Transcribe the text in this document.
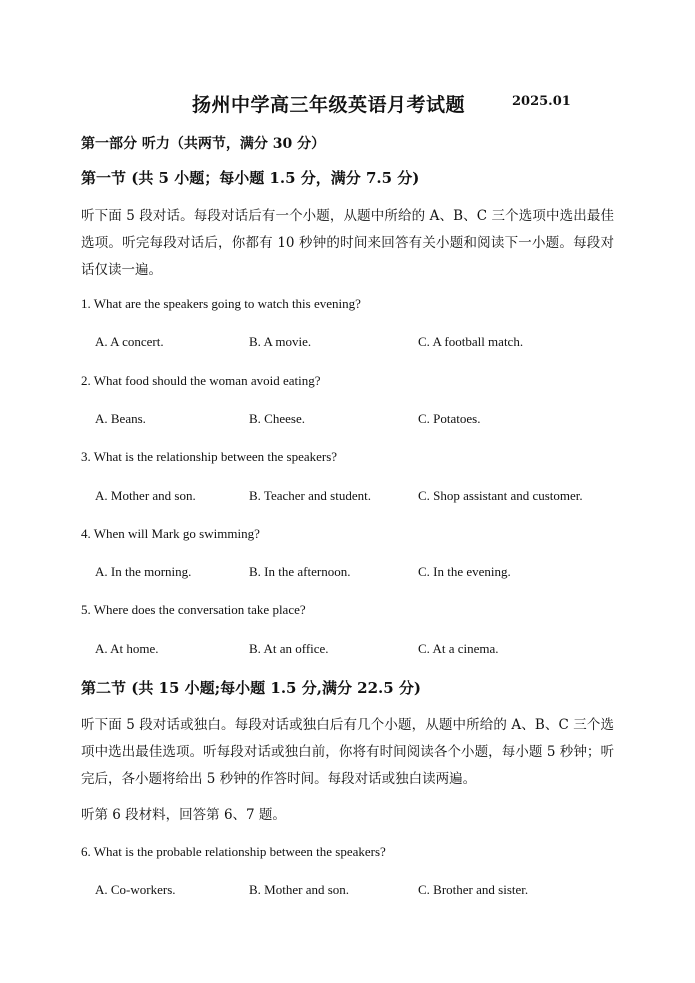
扬州中学高三年级英语月考试题	2025.01
第一部分 听力（共两节，满分 30 分）
第一节 (共 5 小题；每小题 1.5 分，满分 7.5 分)
听下面 5 段对话。每段对话后有一个小题，从题中所给的 A、B、C 三个选项中选出最佳选项。听完每段对话后，你都有 10 秒钟的时间来回答有关小题和阅读下一小题。每段对话仅读一遍。
1. What are the speakers going to watch this evening?
A. A concert.	B. A movie.	C. A football match.
2. What food should the woman avoid eating?
A. Beans.	B. Cheese.	C. Potatoes.
3. What is the relationship between the speakers?
A. Mother and son.	B. Teacher and student.	C. Shop assistant and customer.
4. When will Mark go swimming?
A. In the morning.	B. In the afternoon.	C. In the evening.
5. Where does the conversation take place?
A. At home.	B. At an office.	C. At a cinema.
第二节 (共 15 小题;每小题 1.5 分,满分 22.5 分)
听下面 5 段对话或独白。每段对话或独白后有几个小题，从题中所给的 A、B、C 三个选项中选出最佳选项。听每段对话或独白前，你将有时间阅读各个小题，每小题 5 秒钟；听完后，各小题将给出 5 秒钟的作答时间。每段对话或独白读两遍。
听第 6 段材料，回答第 6、7 题。
6. What is the probable relationship between the speakers?
A. Co-workers.	B. Mother and son.	C. Brother and sister.
